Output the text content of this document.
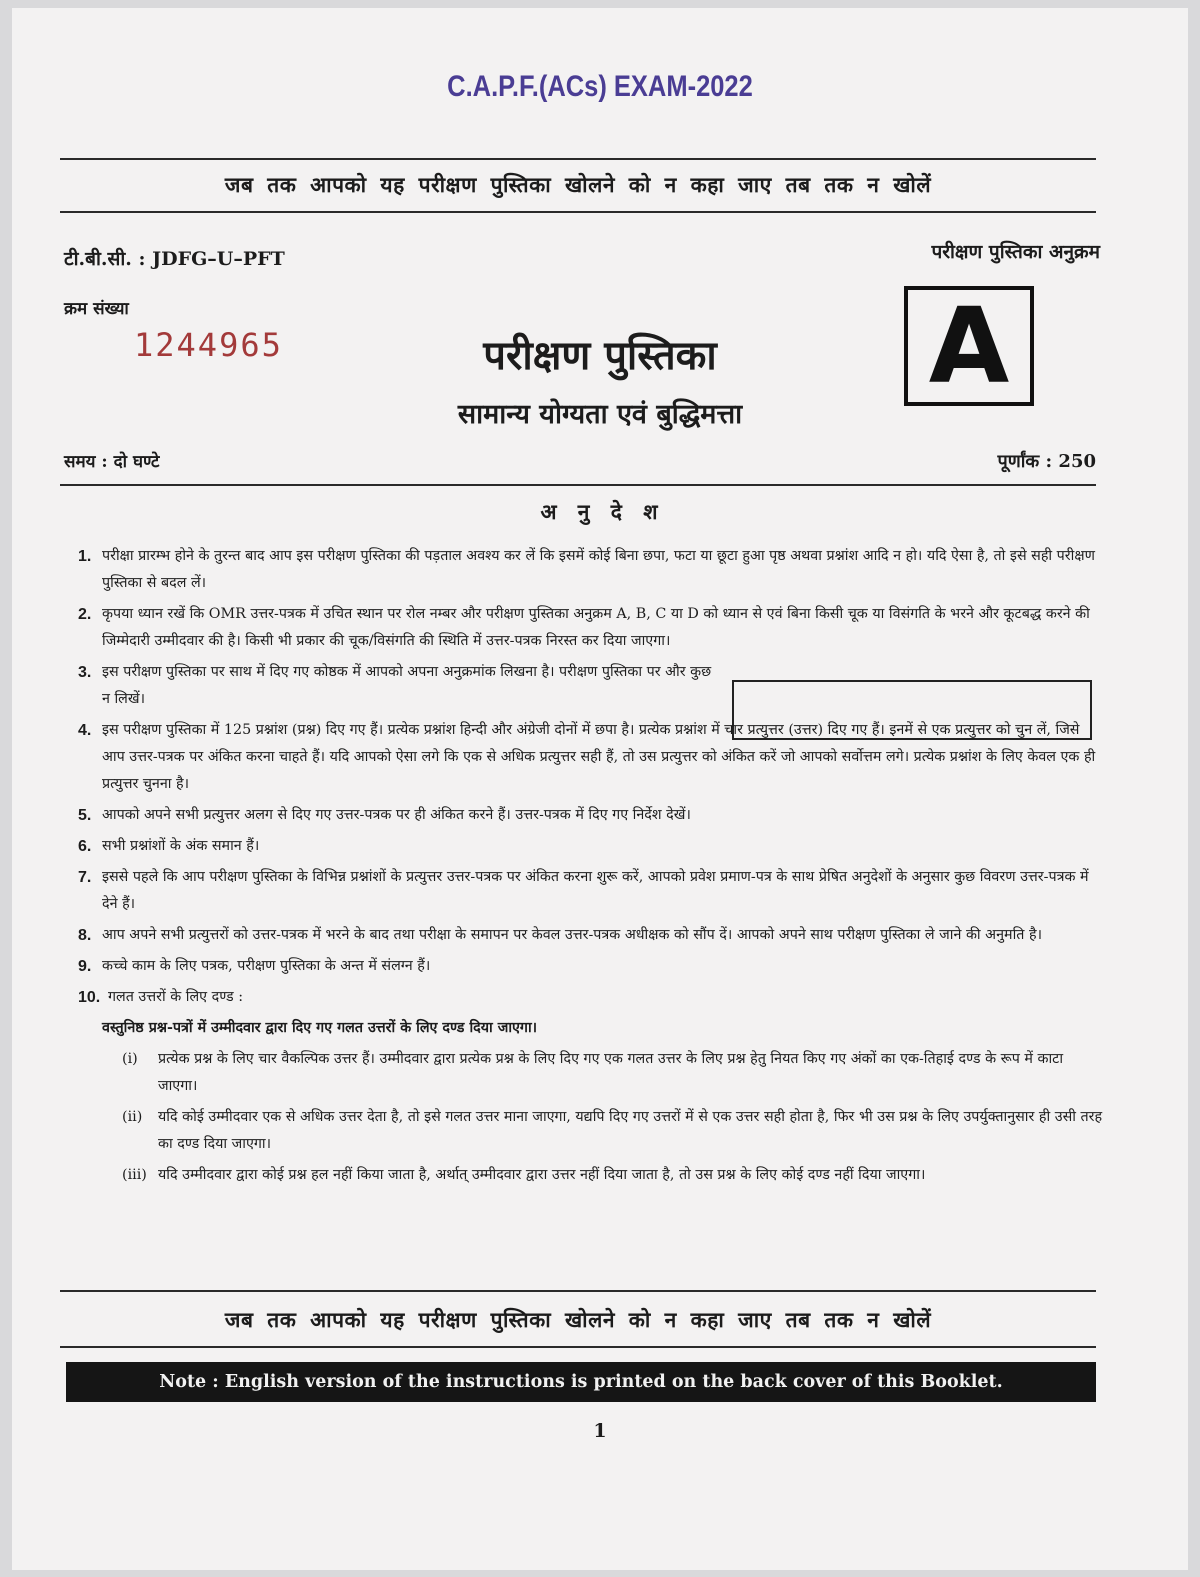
C.A.P.F.(ACs) EXAM-2022
जब तक आपको यह परीक्षण पुस्तिका खोलने को न कहा जाए तब तक न खोलें
टी.बी.सी. : JDFG–U–PFT	परीक्षण पुस्तिका अनुक्रम
क्रम संख्या
1244965	परीक्षण पुस्तिका
सामान्य योग्यता एवं बुद्धिमत्ता
A
समय : दो घण्टे	पूर्णांक : 250
अ नु दे श
1. परीक्षा प्रारम्भ होने के तुरन्त बाद आप इस परीक्षण पुस्तिका की पड़ताल अवश्य कर लें कि इसमें कोई बिना छपा, फटा या छूटा हुआ पृष्ठ अथवा प्रश्नांश आदि न हो। यदि ऐसा है, तो इसे सही परीक्षण पुस्तिका से बदल लें।
2. कृपया ध्यान रखें कि OMR उत्तर-पत्रक में उचित स्थान पर रोल नम्बर और परीक्षण पुस्तिका अनुक्रम A, B, C या D को ध्यान से एवं बिना किसी चूक या विसंगति के भरने और कूटबद्ध करने की जिम्मेदारी उम्मीदवार की है। किसी भी प्रकार की चूक/विसंगति की स्थिति में उत्तर-पत्रक निरस्त कर दिया जाएगा।
3. इस परीक्षण पुस्तिका पर साथ में दिए गए कोष्ठक में आपको अपना अनुक्रमांक लिखना है। परीक्षण पुस्तिका पर और कुछ न लिखें।
4. इस परीक्षण पुस्तिका में 125 प्रश्नांश (प्रश्न) दिए गए हैं। प्रत्येक प्रश्नांश हिन्दी और अंग्रेजी दोनों में छपा है। प्रत्येक प्रश्नांश में चार प्रत्युत्तर (उत्तर) दिए गए हैं। इनमें से एक प्रत्युत्तर को चुन लें, जिसे आप उत्तर-पत्रक पर अंकित करना चाहते हैं। यदि आपको ऐसा लगे कि एक से अधिक प्रत्युत्तर सही हैं, तो उस प्रत्युत्तर को अंकित करें जो आपको सर्वोत्तम लगे। प्रत्येक प्रश्नांश के लिए केवल एक ही प्रत्युत्तर चुनना है।
5. आपको अपने सभी प्रत्युत्तर अलग से दिए गए उत्तर-पत्रक पर ही अंकित करने हैं। उत्तर-पत्रक में दिए गए निर्देश देखें।
6. सभी प्रश्नांशों के अंक समान हैं।
7. इससे पहले कि आप परीक्षण पुस्तिका के विभिन्न प्रश्नांशों के प्रत्युत्तर उत्तर-पत्रक पर अंकित करना शुरू करें, आपको प्रवेश प्रमाण-पत्र के साथ प्रेषित अनुदेशों के अनुसार कुछ विवरण उत्तर-पत्रक में देने हैं।
8. आप अपने सभी प्रत्युत्तरों को उत्तर-पत्रक में भरने के बाद तथा परीक्षा के समापन पर केवल उत्तर-पत्रक अधीक्षक को सौंप दें। आपको अपने साथ परीक्षण पुस्तिका ले जाने की अनुमति है।
9. कच्चे काम के लिए पत्रक, परीक्षण पुस्तिका के अन्त में संलग्न हैं।
10. गलत उत्तरों के लिए दण्ड :
वस्तुनिष्ठ प्रश्न-पत्रों में उम्मीदवार द्वारा दिए गए गलत उत्तरों के लिए दण्ड दिया जाएगा।
(i)	प्रत्येक प्रश्न के लिए चार वैकल्पिक उत्तर हैं। उम्मीदवार द्वारा प्रत्येक प्रश्न के लिए दिए गए एक गलत उत्तर के लिए प्रश्न हेतु नियत किए गए अंकों का एक-तिहाई दण्ड के रूप में काटा जाएगा।
(ii)	यदि कोई उम्मीदवार एक से अधिक उत्तर देता है, तो इसे गलत उत्तर माना जाएगा, यद्यपि दिए गए उत्तरों में से एक उत्तर सही होता है, फिर भी उस प्रश्न के लिए उपर्युक्तानुसार ही उसी तरह का दण्ड दिया जाएगा।
(iii) यदि उम्मीदवार द्वारा कोई प्रश्न हल नहीं किया जाता है, अर्थात् उम्मीदवार द्वारा उत्तर नहीं दिया जाता है, तो उस प्रश्न के लिए कोई दण्ड नहीं दिया जाएगा।
जब तक आपको यह परीक्षण पुस्तिका खोलने को न कहा जाए तब तक न खोलें
Note : English version of the instructions is printed on the back cover of this Booklet.
1
